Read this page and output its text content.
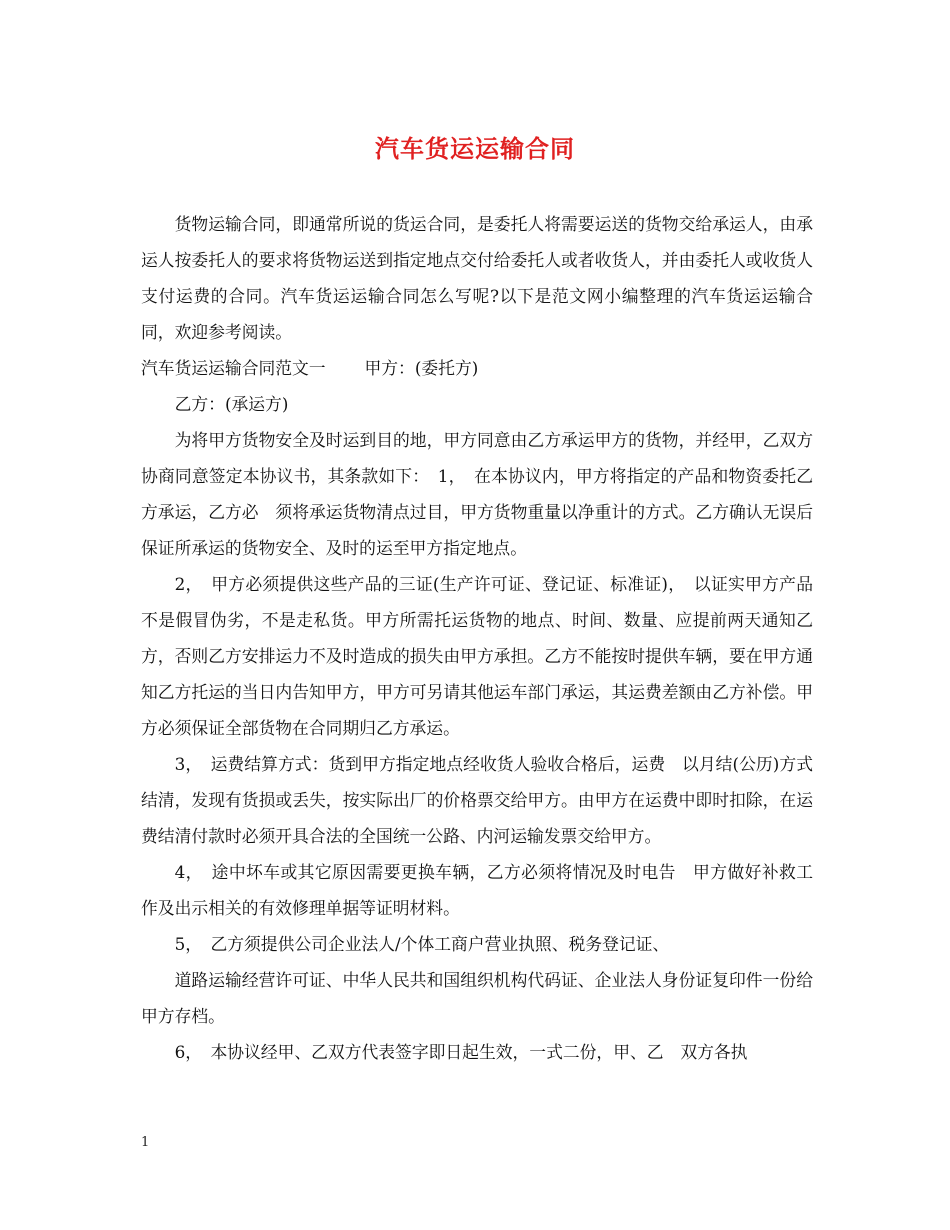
汽车货运运输合同

货物运输合同，即通常所说的货运合同，是委托人将需要运送的货物交给承运人，由承运人按委托人的要求将货物运送到指定地点交付给委托人或者收货人，并由委托人或收货人支付运费的合同。汽车货运运输合同怎么写呢?以下是范文网小编整理的汽车货运运输合同，欢迎参考阅读。

汽车货运运输合同范文一　　 甲方：(委托方)

乙方：(承运方)

为将甲方货物安全及时运到目的地，甲方同意由乙方承运甲方的货物，并经甲，乙双方协商同意签定本协议书，其条款如下：　1，　在本协议内，甲方将指定的产品和物资委托乙方承运，乙方必　须将承运货物清点过目，甲方货物重量以净重计的方式。乙方确认无误后保证所承运的货物安全、及时的运至甲方指定地点。

2，　甲方必须提供这些产品的三证(生产许可证、登记证、标准证)，　以证实甲方产品不是假冒伪劣，不是走私货。甲方所需托运货物的地点、时间、数量、应提前两天通知乙方，否则乙方安排运力不及时造成的损失由甲方承担。乙方不能按时提供车辆，要在甲方通知乙方托运的当日内告知甲方，甲方可另请其他运车部门承运，其运费差额由乙方补偿。甲方必须保证全部货物在合同期归乙方承运。

3，　运费结算方式：货到甲方指定地点经收货人验收合格后，运费　以月结(公历)方式结清，发现有货损或丢失，按实际出厂的价格票交给甲方。由甲方在运费中即时扣除，在运费结清付款时必须开具合法的全国统一公路、内河运输发票交给甲方。

4，　途中坏车或其它原因需要更换车辆，乙方必须将情况及时电告　甲方做好补救工作及出示相关的有效修理单据等证明材料。

5，　乙方须提供公司企业法人/个体工商户营业执照、税务登记证、

道路运输经营许可证、中华人民共和国组织机构代码证、企业法人身份证复印件一份给甲方存档。

6，　本协议经甲、乙双方代表签字即日起生效，一式二份，甲、乙　双方各执

1
